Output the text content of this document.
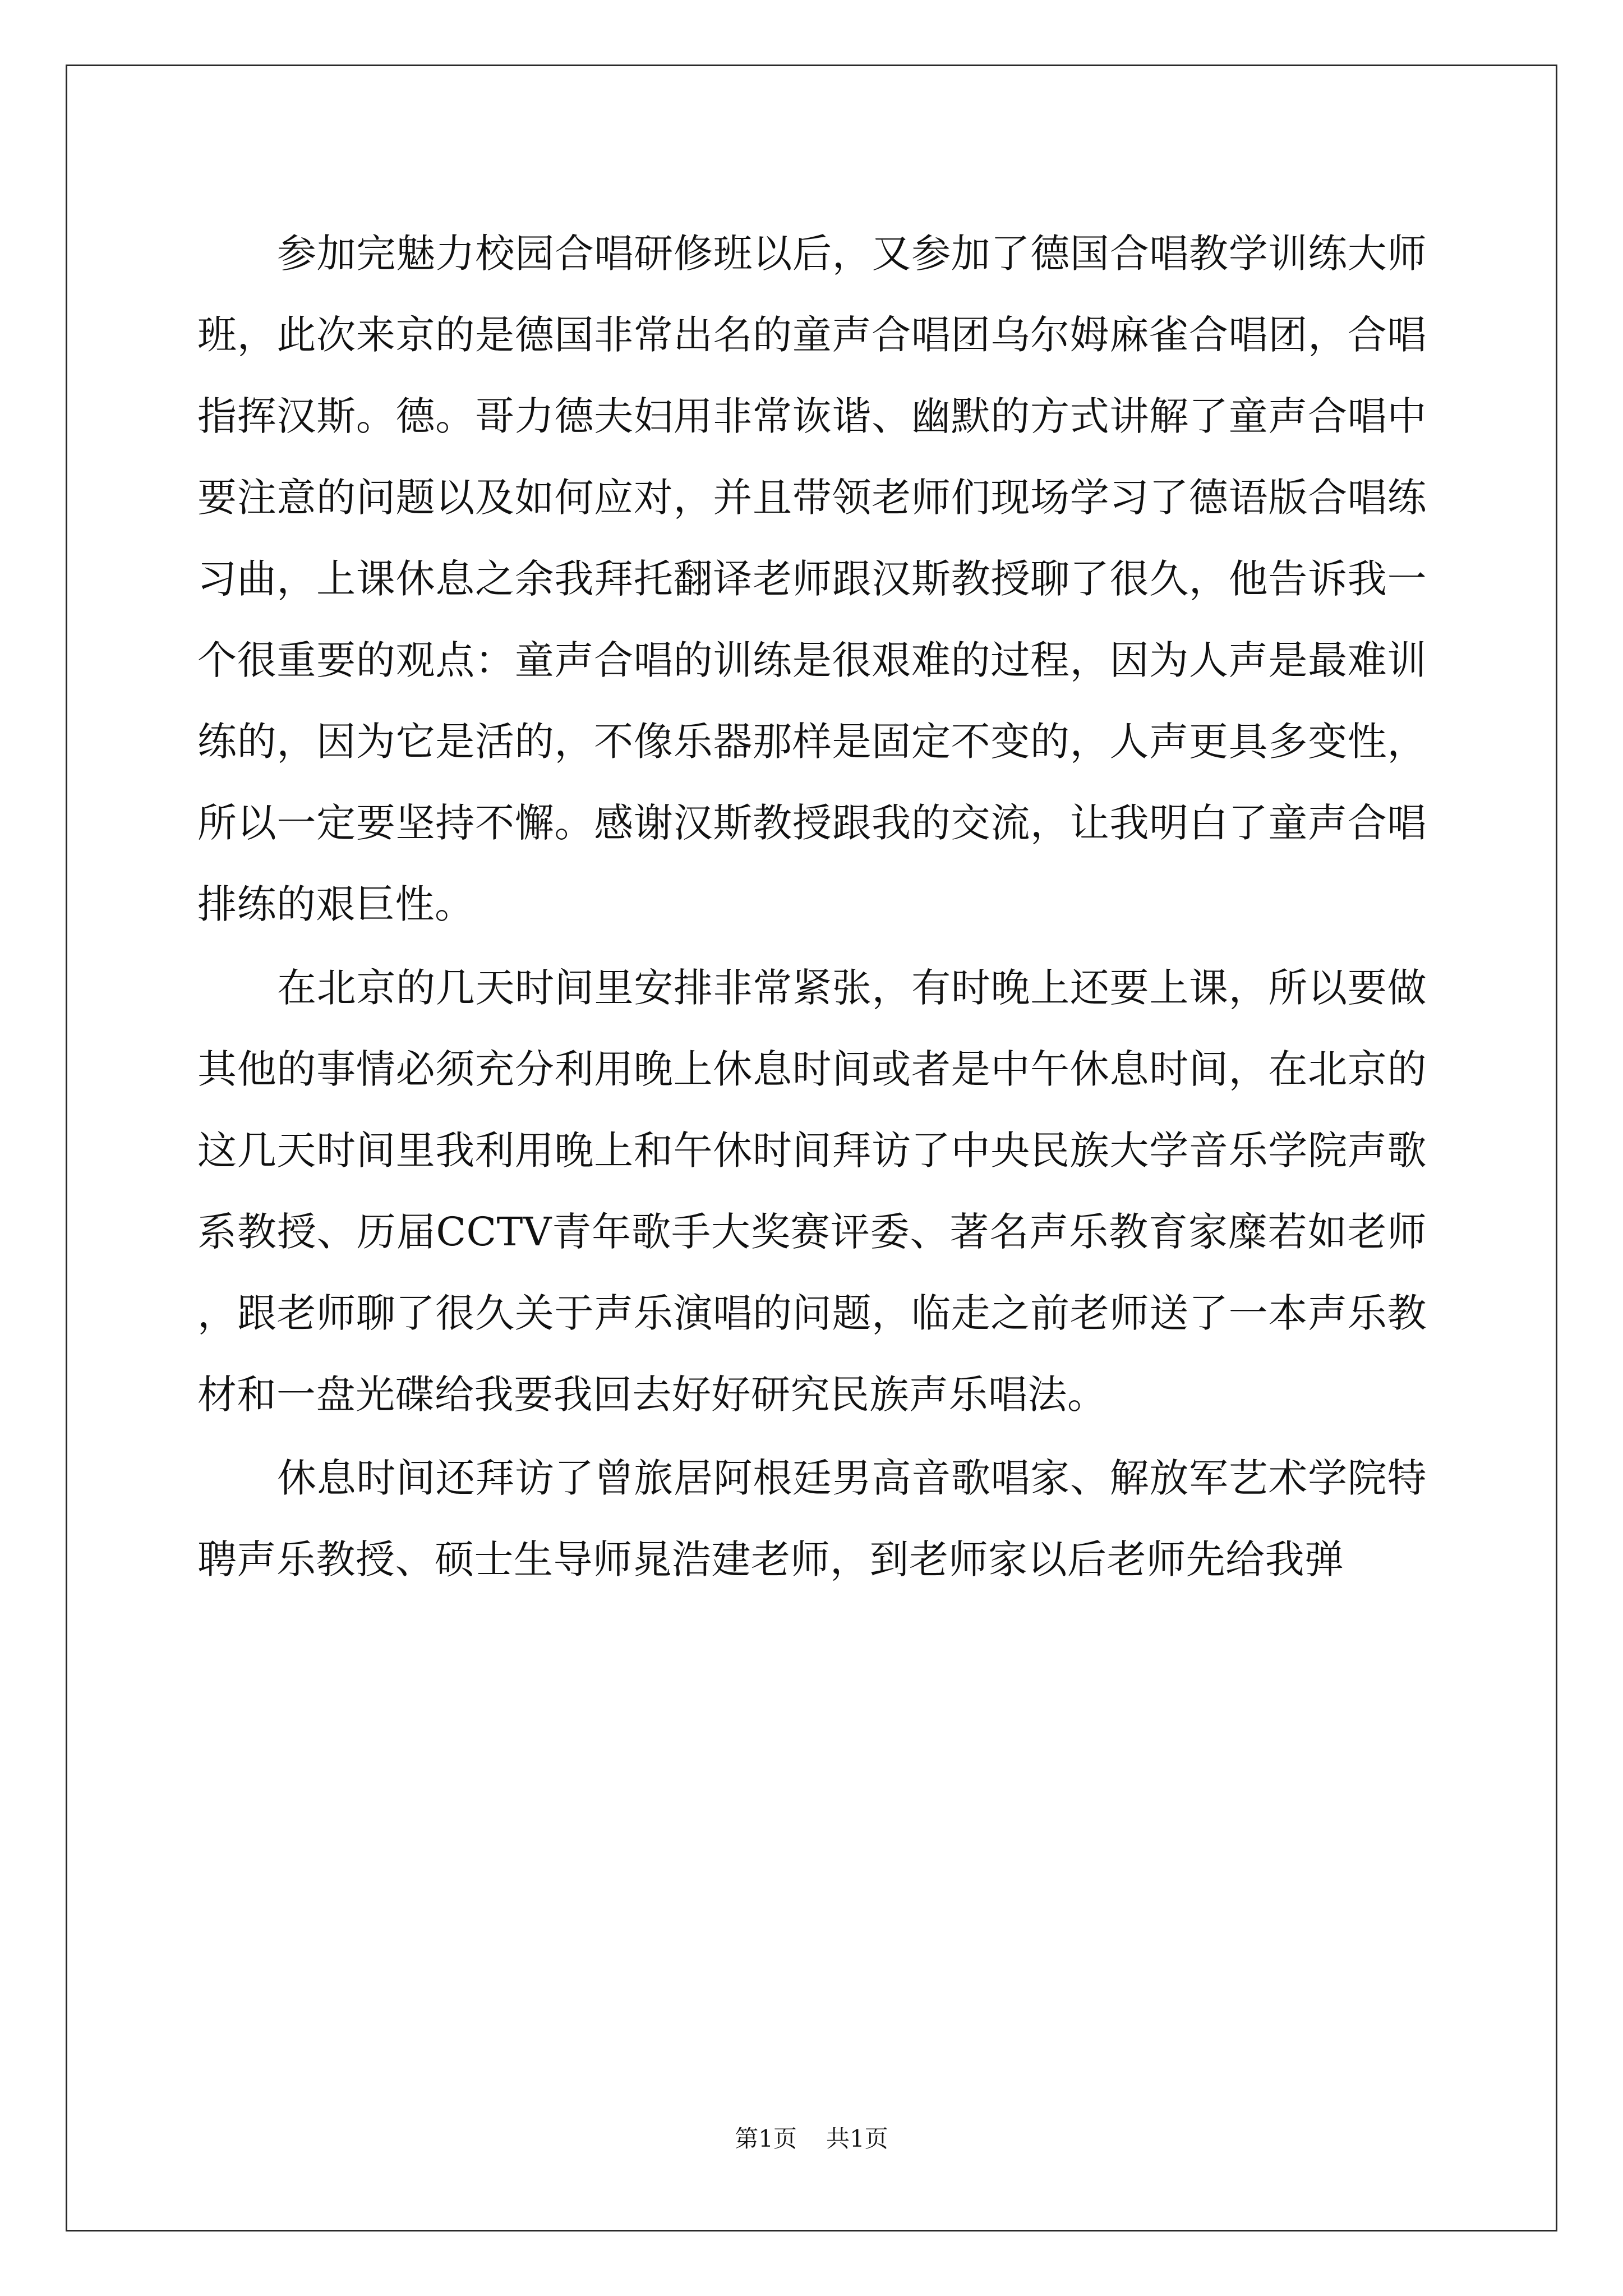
参加完魅力校园合唱研修班以后，又参加了德国合唱教学训练大师班，此次来京的是德国非常出名的童声合唱团乌尔姆麻雀合唱团，合唱指挥汉斯。德。哥力德夫妇用非常诙谐、幽默的方式讲解了童声合唱中要注意的问题以及如何应对，并且带领老师们现场学习了德语版合唱练习曲，上课休息之余我拜托翻译老师跟汉斯教授聊了很久，他告诉我一个很重要的观点：童声合唱的训练是很艰难的过程，因为人声是最难训练的，因为它是活的，不像乐器那样是固定不变的，人声更具多变性，所以一定要坚持不懈。感谢汉斯教授跟我的交流，让我明白了童声合唱排练的艰巨性。

在北京的几天时间里安排非常紧张，有时晚上还要上课，所以要做其他的事情必须充分利用晚上休息时间或者是中午休息时间，在北京的这几天时间里我利用晚上和午休时间拜访了中央民族大学音乐学院声歌系教授、历届CCTV青年歌手大奖赛评委、著名声乐教育家糜若如老师，跟老师聊了很久关于声乐演唱的问题，临走之前老师送了一本声乐教材和一盘光碟给我要我回去好好研究民族声乐唱法。

休息时间还拜访了曾旅居阿根廷男高音歌唱家、解放军艺术学院特聘声乐教授、硕士生导师晁浩建老师，到老师家以后老师先给我弹

第1页 共1页
